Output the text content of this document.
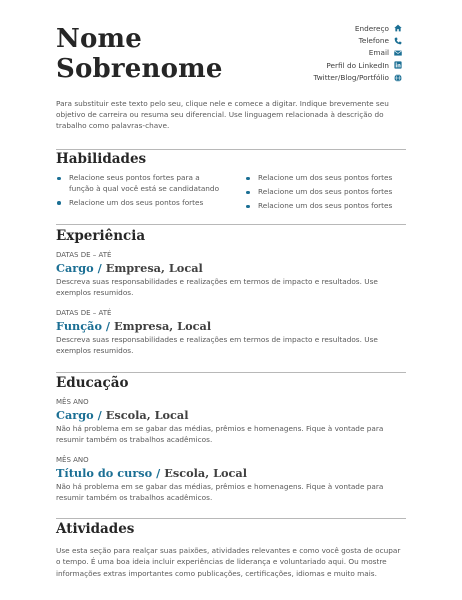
Nome
Sobrenome
Endereço
Telefone
Email
Perfil do LinkedIn
Twitter/Blog/Portfólio
Para substituir este texto pelo seu, clique nele e comece a digitar. Indique brevemente seu objetivo de carreira ou resuma seu diferencial. Use linguagem relacionada à descrição do trabalho como palavras-chave.
Habilidades
Relacione seus pontos fortes para a função à qual você está se candidatando
Relacione um dos seus pontos fortes
Relacione um dos seus pontos fortes
Relacione um dos seus pontos fortes
Relacione um dos seus pontos fortes
Experiência
DATAS DE – ATÉ
Cargo / Empresa, Local
Descreva suas responsabilidades e realizações em termos de impacto e resultados. Use exemplos resumidos.
DATAS DE – ATÉ
Função / Empresa, Local
Descreva suas responsabilidades e realizações em termos de impacto e resultados. Use exemplos resumidos.
Educação
MÊS ANO
Cargo / Escola, Local
Não há problema em se gabar das médias, prêmios e homenagens. Fique à vontade para resumir também os trabalhos acadêmicos.
MÊS ANO
Título do curso / Escola, Local
Não há problema em se gabar das médias, prêmios e homenagens. Fique à vontade para resumir também os trabalhos acadêmicos.
Atividades
Use esta seção para realçar suas paixões, atividades relevantes e como você gosta de ocupar o tempo. É uma boa ideia incluir experiências de liderança e voluntariado aqui. Ou mostre informações extras importantes como publicações, certificações, idiomas e muito mais.
